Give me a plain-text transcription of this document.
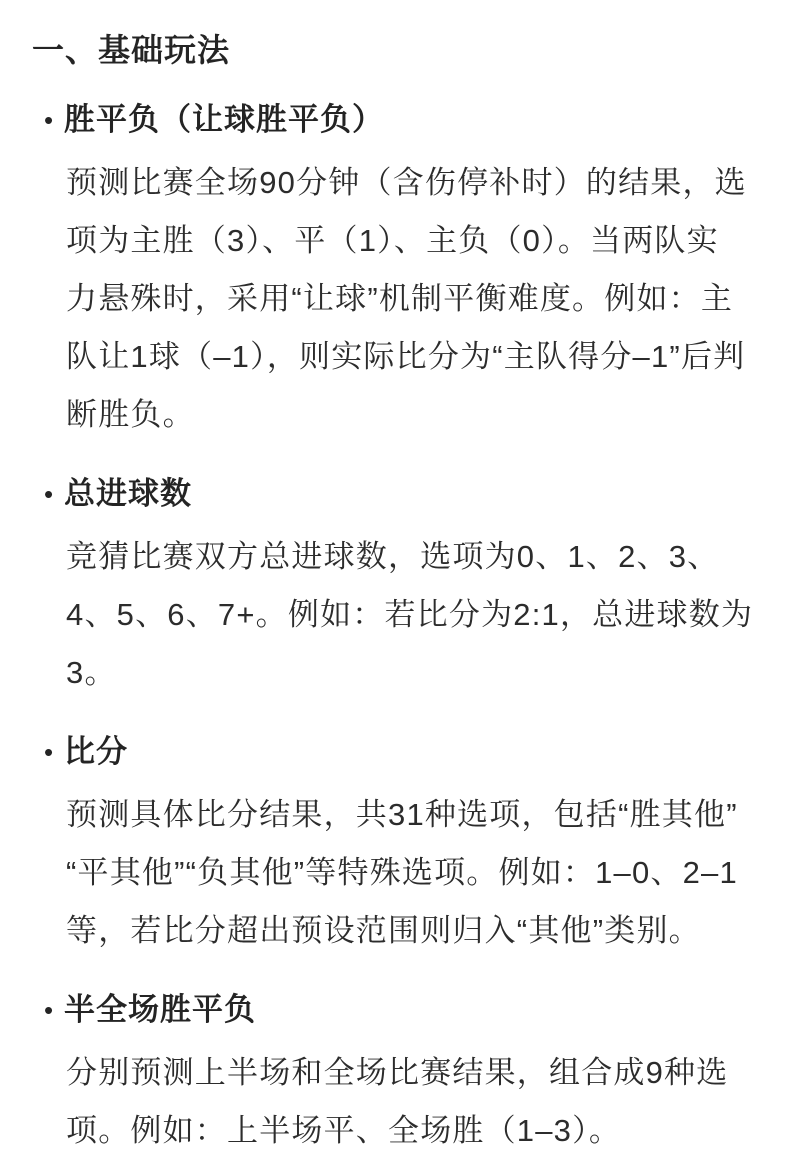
一、基础玩法
• 胜平负（让球胜平负）
预测比赛全场90分钟（含伤停补时）的结果，选
项为主胜（3）、平（1）、主负（0）。当两队实
力悬殊时，采用“让球”机制平衡难度。例如：主
队让1球（–1），则实际比分为“主队得分–1”后判
断胜负。
• 总进球数
竞猜比赛双方总进球数，选项为0、1、2、3、
4、5、6、7+。例如：若比分为2:1，总进球数为
3。
• 比分
预测具体比分结果，共31种选项，包括“胜其他”
“平其他”“负其他”等特殊选项。例如：1–0、2–1
等，若比分超出预设范围则归入“其他”类别。
• 半全场胜平负
分别预测上半场和全场比赛结果，组合成9种选
项。例如：上半场平、全场胜（1–3）。
